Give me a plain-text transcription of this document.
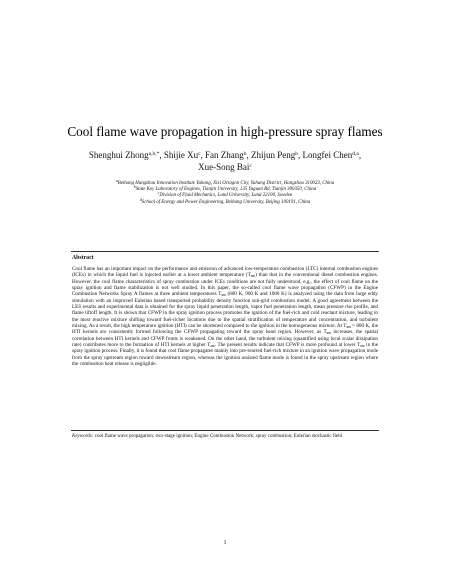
Cool flame wave propagation in high-pressure spray flames
Shenghui Zhong$^{a,b,*}$, Shijie Xu$^c$, Fan Zhang$^b$, Zhijun Peng$^b$, Longfei Chen$^{d,a}$,
Xue-Song Bai$^c$
$^a$Beihang Hangzhou Innovation Institute Yuhang, Xixi Octagon City, Yuhang District, Hangzhou 310023, China
$^b$State Key Laboratory of Engines, Tianjin University, 135 Yaguan Rd, Tianjin 300350, China
$^c$Division of Fluid Mechanics, Lund University, Lund 22100, Sweden
$^d$School of Energy and Power Engineering, Beihang University, Beijing 100191, China
Abstract
Cool flame has an important impact on the performance and emission of advanced low-temperature combustion (LTC) internal combustion engines (ICEs) in which the liquid fuel is injected earlier at a lower ambient temperature $(T_{am})$ than that in the conventional diesel combustion engines. However, the cool flame characteristics of spray combustion under ICEs conditions are not fully understood, e.g., the effect of cool flame on the spray ignition and flame stabilization is not well studied. In this paper, the so-called cool flame wave propagation (CFWP) in the Engine Combustion Networks Spray A flames at three ambient temperatures $T_{am}$ (800 K, 900 K and 1000 K) is analyzed using the data from large eddy simulation with an improved Eulerian based transported probability density function sub-grid combustion model. A good agreement between the LES results and experimental data is obtained for the spray liquid penetration length, vapor fuel penetration length, mean pressure rise profile, and flame liftoff length. It is shown that CFWP in the spray ignition process promotes the ignition of the fuel-rich and cold reactant mixture, leading to the most reactive mixture shifting toward fuel-richer locations due to the spatial stratification of temperature and concentration, and turbulent mixing. As a result, the high temperature ignition (HTI) can be shortened compared to the ignition in the homogeneous mixture. At $T_{am} = 800$ K, the HTI kernels are consistently formed following the CFWP propagating toward the spray head region. However, as $T_{am}$ increases, the spatial correlation between HTI kernels and CFWP fronts is weakened. On the other hand, the turbulent mixing (quantified using local scalar dissipation rate) contributes more to the formation of HTI kernels at higher $T_{am}$. The present results indicate that CFWP is more profound at lower $T_{am}$ in the spray ignition process. Finally, it is found that cool flame propagates mainly into pre-reacted fuel-rich mixture in an ignition wave propagation mode from the spray upstream region toward downstream region, whereas the ignition assisted flame mode is found in the spray upstream region where the combustion heat release is negligible.
Keywords: cool flame wave propagation; two-stage ignition; Engine Combustion Network; spray combustion; Eulerian stochastic field
1
